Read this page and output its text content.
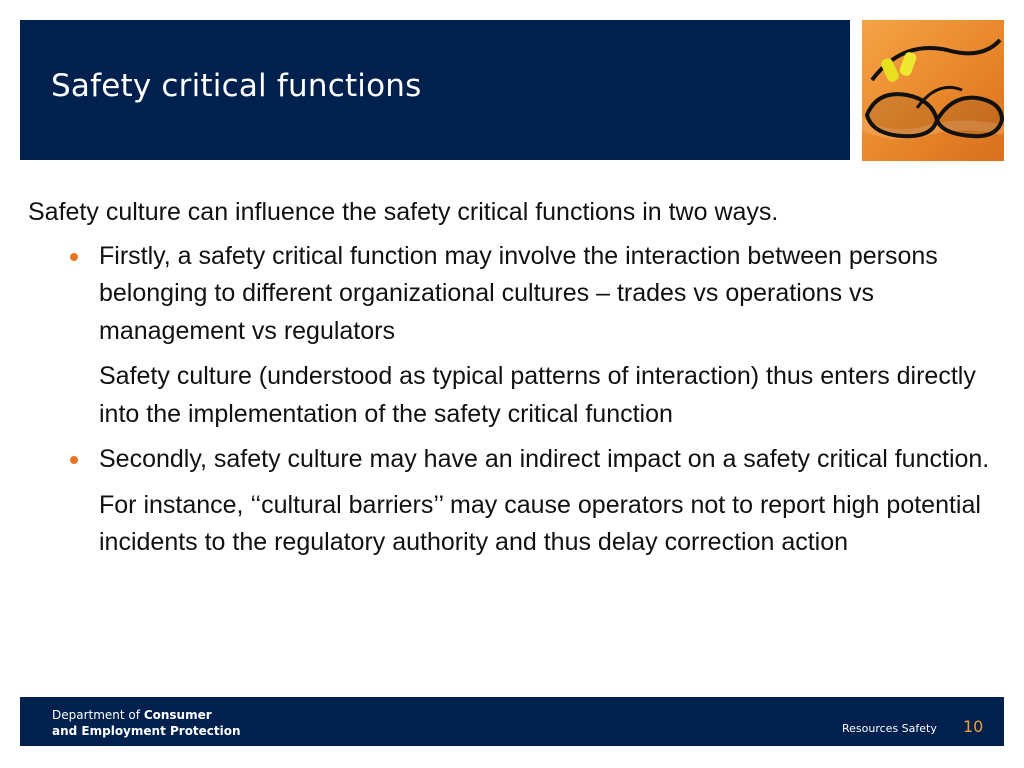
Safety critical functions

Safety culture can influence the safety critical functions in two ways.

Firstly, a safety critical function may involve the interaction between persons belonging to different organizational cultures – trades vs operations vs management vs regulators

Safety culture (understood as typical patterns of interaction) thus enters directly into the implementation of the safety critical function

Secondly, safety culture may have an indirect impact on a safety critical function.

For instance, ‘‘cultural barriers’’ may cause operators not to report high potential incidents to the regulatory authority and thus delay correction action

Department of Consumer
and Employment Protection	Resources Safety 10
